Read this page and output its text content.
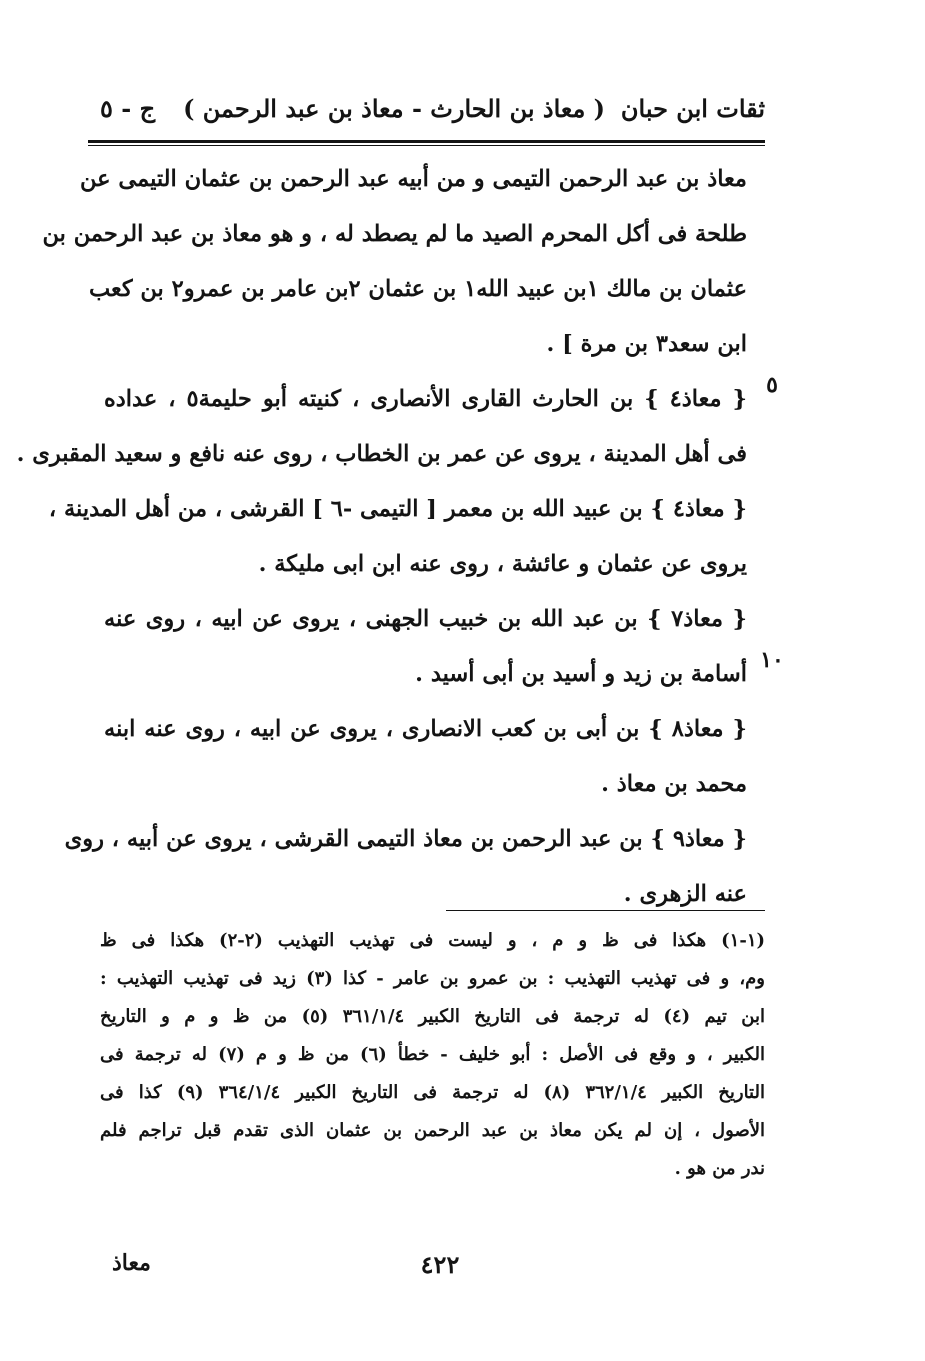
ثقات ابن حبان
( معاذ بن الحارث - معاذ بن عبد الرحمن )
ج - ٥
معاذ بن عبد الرحمن التيمى و من أبيه عبد الرحمن بن عثمان التيمى عن
طلحة فى أكل المحرم الصيد ما لم يصطد له ، و هو معاذ بن عبد الرحمن بن
عثمان بن مالك ١بن عبيد الله١ بن عثمان ٢بن عامر بن عمرو٢ بن كعب
ابن سعد٣ بن مرة ] .
{ معاذ٤ } بن الحارث القارى الأنصارى ، كنيته أبو حليمة٥ ، عداده
فى أهل المدينة ، يروى عن عمر بن الخطاب ، روى عنه نافع و سعيد المقبرى .
{ معاذ٤ } بن عبيد الله بن معمر [ التيمى -٦ ] القرشى ، من أهل المدينة ،
يروى عن عثمان و عائشة ، روى عنه ابن ابى مليكة .
{ معاذ٧ } بن عبد الله بن خبيب الجهنى ، يروى عن ابيه ، روى عنه
أسامة بن زيد و أسيد بن أبى أسيد .
{ معاذ٨ } بن أبى بن كعب الانصارى ، يروى عن ابيه ، روى عنه ابنه
محمد بن معاذ .
{ معاذ٩ } بن عبد الرحمن بن معاذ التيمى القرشى ، يروى عن أبيه ، روى
عنه الزهرى .
٥
١٠
(١-١) هكذا فى ظ و م ، و ليست فى تهذيب التهذيب (٢-٢) هكذا فى ظ
وم، و فى تهذيب التهذيب : بن عمرو بن عامر - كذا (٣) زيد فى تهذيب التهذيب :
ابن تيم (٤) له ترجمة فى التاريخ الكبير ٣٦١/١/٤ (٥) من ظ و م و التاريخ
الكبير ، و وقع فى الأصل : أبو خليف - خطأ (٦) من ظ و م (٧) له ترجمة فى
التاريخ الكبير ٣٦٢/١/٤ (٨) له ترجمة فى التاريخ الكبير ٣٦٤/١/٤ (٩) كذا فى
الأصول ، إن لم يكن معاذ بن عبد الرحمن بن عثمان الذى تقدم قبل تراجم فلم
ندر من هو .
٤٢٢
معاذ
